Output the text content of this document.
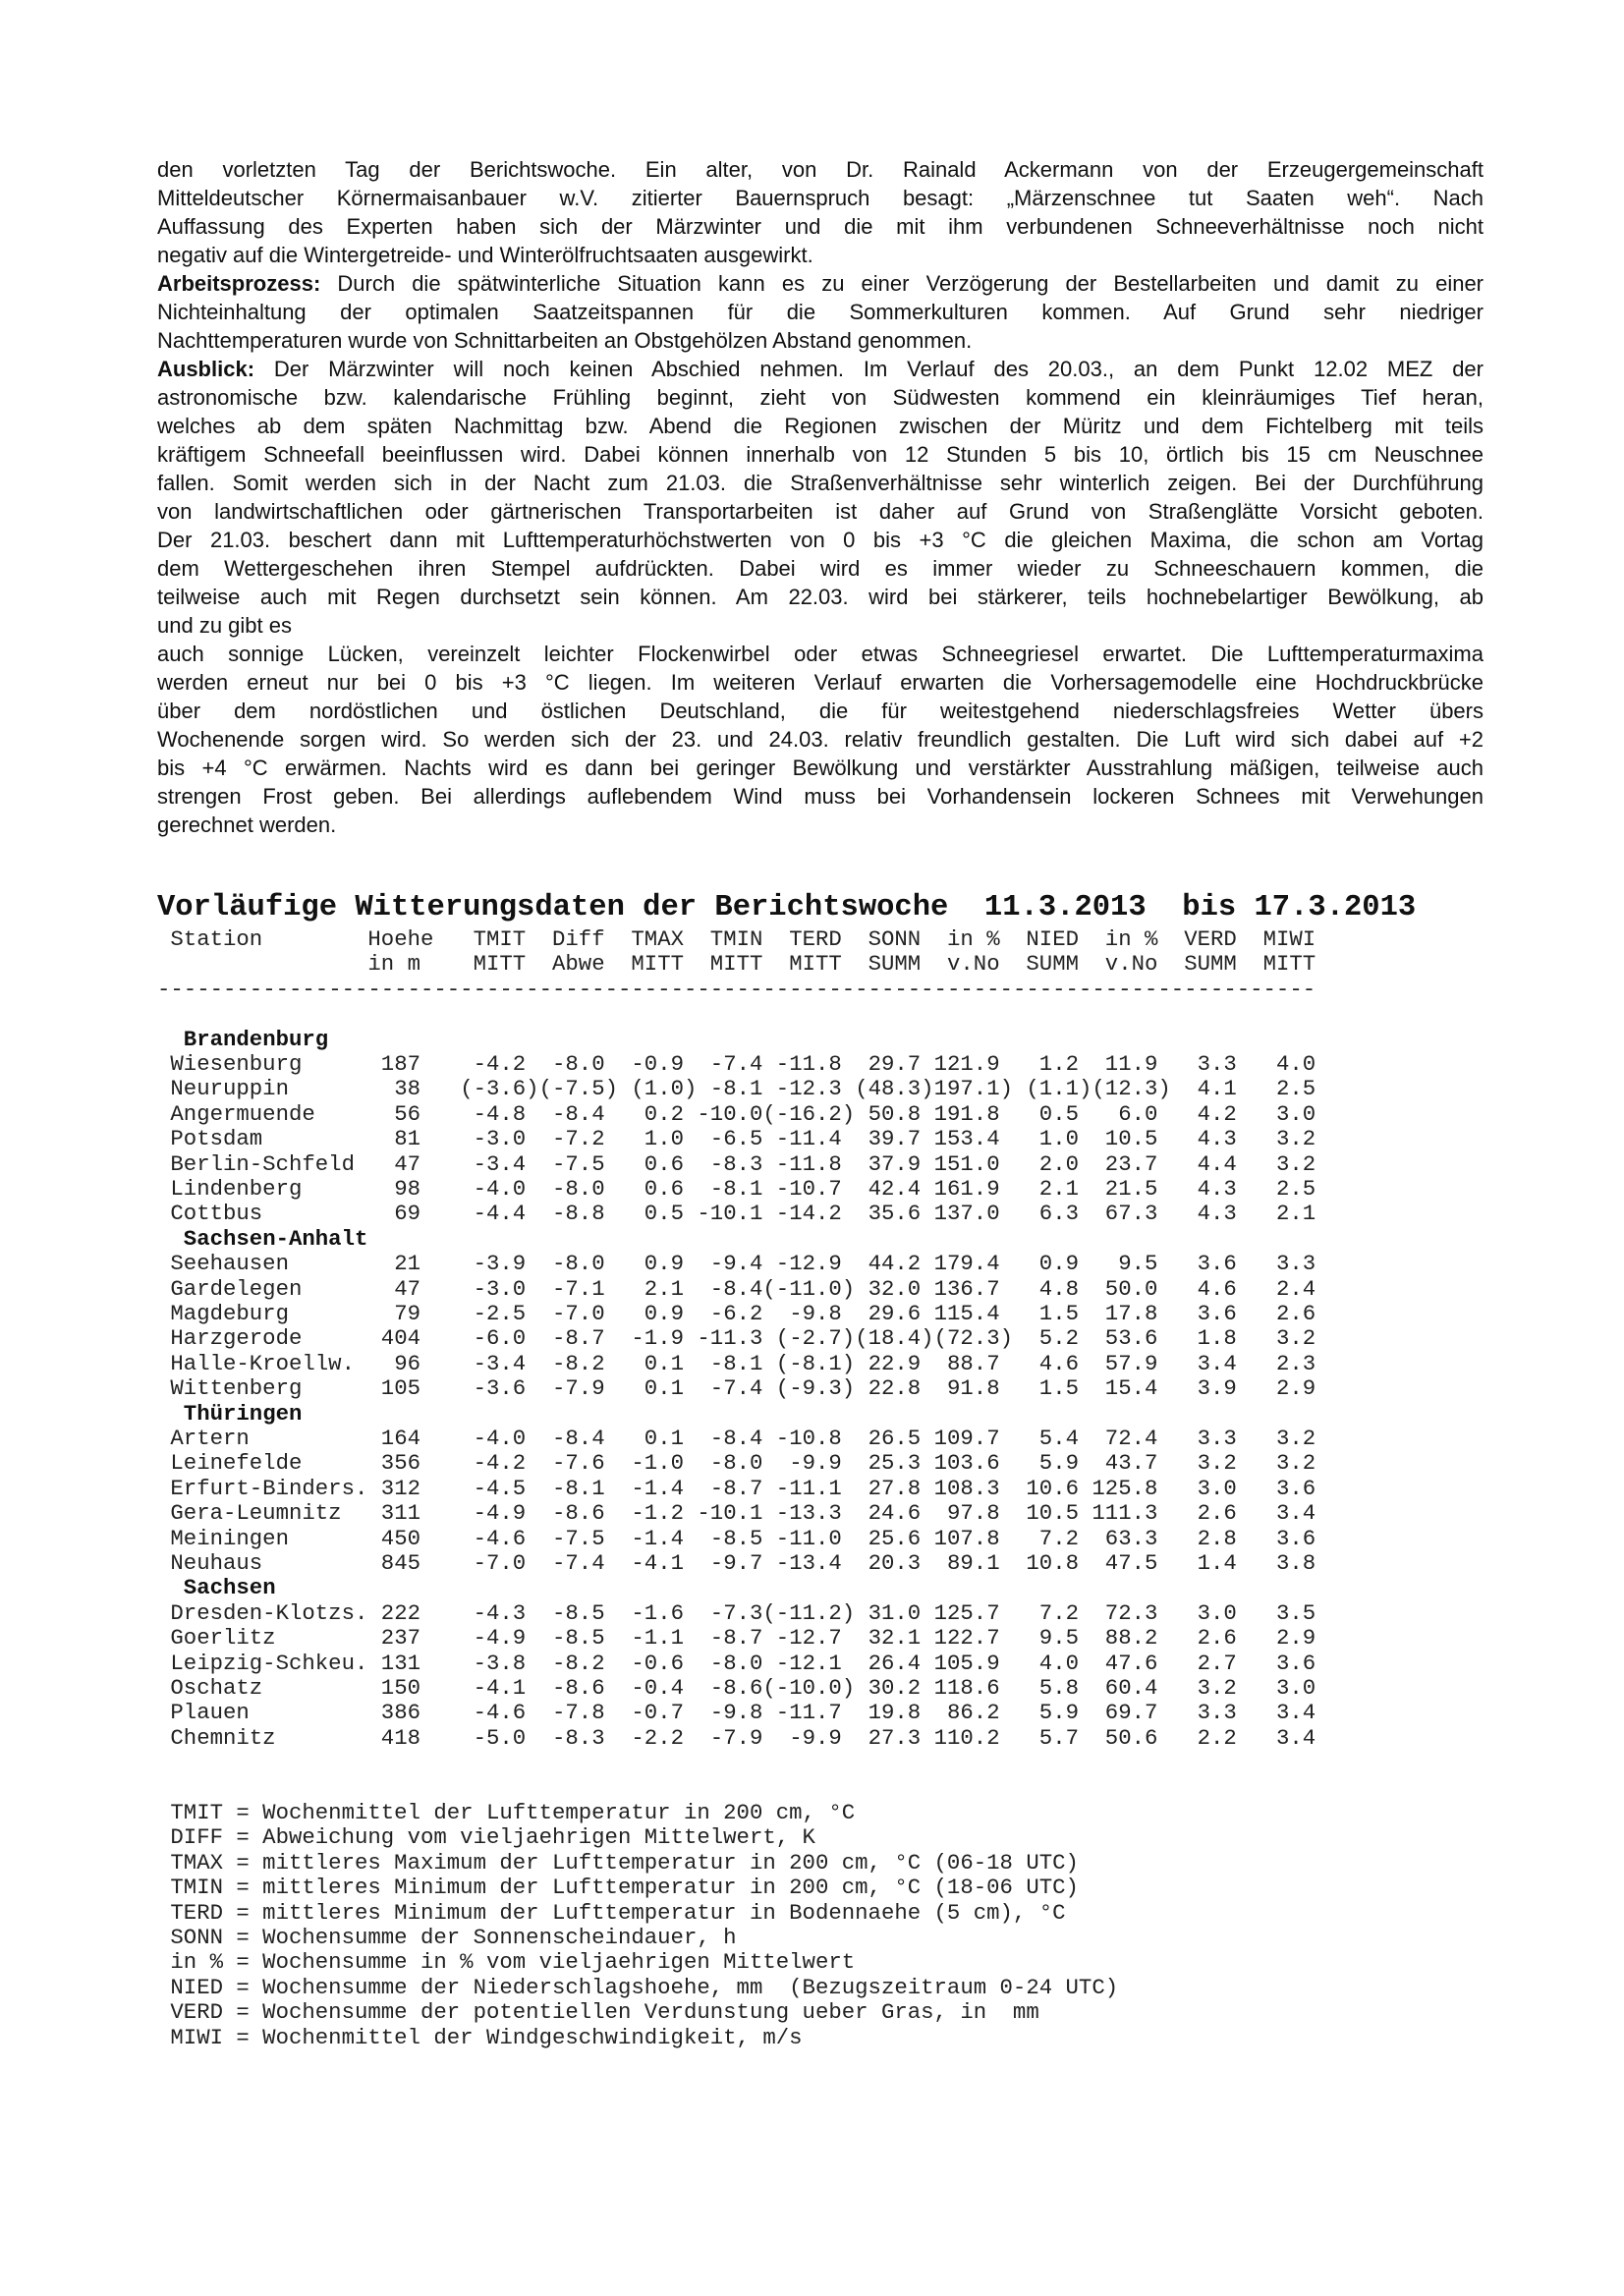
den vorletzten Tag der Berichtswoche. Ein alter, von Dr. Rainald Ackermann von der Erzeugergemeinschaft
Mitteldeutscher Körnermaisanbauer w.V. zitierter Bauernspruch besagt: „Märzenschnee tut Saaten weh“. Nach
Auffassung des Experten haben sich der Märzwinter und die mit ihm verbundenen Schneeverhältnisse noch nicht
negativ auf die Wintergetreide- und Winterölfruchtsaaten ausgewirkt.
Arbeitsprozess: Durch die spätwinterliche Situation kann es zu einer Verzögerung der Bestellarbeiten und damit zu einer
Nichteinhaltung der optimalen Saatzeitspannen für die Sommerkulturen kommen. Auf Grund sehr niedriger
Nachttemperaturen wurde von Schnittarbeiten an Obstgehölzen Abstand genommen.
Ausblick: Der Märzwinter will noch keinen Abschied nehmen. Im Verlauf des 20.03., an dem Punkt 12.02 MEZ der
astronomische bzw. kalendarische Frühling beginnt, zieht von Südwesten kommend ein kleinräumiges Tief heran,
welches ab dem späten Nachmittag bzw. Abend die Regionen zwischen der Müritz und dem Fichtelberg mit teils
kräftigem Schneefall beeinflussen wird. Dabei können innerhalb von 12 Stunden 5 bis 10, örtlich bis 15 cm Neuschnee
fallen. Somit werden sich in der Nacht zum 21.03. die Straßenverhältnisse sehr winterlich zeigen. Bei der Durchführung
von landwirtschaftlichen oder gärtnerischen Transportarbeiten ist daher auf Grund von Straßenglätte Vorsicht geboten.
Der 21.03. beschert dann mit Lufttemperaturhöchstwerten von 0 bis +3 °C die gleichen Maxima, die schon am Vortag
dem Wettergeschehen ihren Stempel aufdrückten. Dabei wird es immer wieder zu Schneeschauern kommen, die
teilweise auch mit Regen durchsetzt sein können. Am 22.03. wird bei stärkerer, teils hochnebelartiger Bewölkung, ab
und zu gibt es
auch sonnige Lücken, vereinzelt leichter Flockenwirbel oder etwas Schneegriesel erwartet. Die Lufttemperaturmaxima
werden erneut nur bei 0 bis +3 °C liegen. Im weiteren Verlauf erwarten die Vorhersagemodelle eine Hochdruckbrücke
über dem nordöstlichen und östlichen Deutschland, die für weitestgehend niederschlagsfreies Wetter übers
Wochenende sorgen wird. So werden sich der 23. und 24.03. relativ freundlich gestalten. Die Luft wird sich dabei auf +2
bis +4 °C erwärmen. Nachts wird es dann bei geringer Bewölkung und verstärkter Ausstrahlung mäßigen, teilweise auch
strengen Frost geben. Bei allerdings auflebendem Wind muss bei Vorhandensein lockeren Schnees mit Verwehungen
gerechnet werden.
Vorläufige Witterungsdaten der Berichtswoche  11.3.2013  bis 17.3.2013
Station	Hoehe TMIT Diff TMAX TMIN TERD SONN in % NIED in % VERD MIWI
in m MITT Abwe MITT MITT MITT SUMM v.No SUMM v.No SUMM MITT
----------------------------------------------------------------------------------------
Brandenburg
Wiesenburg	187 -4.2 -8.0 -0.9 -7.4 -11.8 29.7 121.9 1.2 11.9 3.3 4.0
Neuruppin	38 (-3.6) (-7.5) (1.0) -8.1 -12.3 (48.3) 197.1) (1.1) (12.3) 4.1 2.5
Angermuende	56 -4.8 -8.4 0.2 -10.0 (-16.2) 50.8 191.8 0.5 6.0 4.2 3.0
Potsdam	81 -3.0 -7.2 1.0 -6.5 -11.4 39.7 153.4 1.0 10.5 4.3 3.2
Berlin-Schfeld 47 -3.4 -7.5 0.6 -8.3 -11.8 37.9 151.0 2.0 23.7 4.4 3.2
Lindenberg	98 -4.0 -8.0 0.6 -8.1 -10.7 42.4 161.9 2.1 21.5 4.3 2.5
Cottbus	69 -4.4 -8.8 0.5 -10.1 -14.2 35.6 137.0 6.3 67.3 4.3 2.1
Sachsen-Anhalt
Seehausen	21 -3.9 -8.0 0.9 -9.4 -12.9 44.2 179.4 0.9 9.5 3.6 3.3
Gardelegen	47 -3.0 -7.1 2.1 -8.4 (-11.0) 32.0 136.7 4.8 50.0 4.6 2.4
Magdeburg	79 -2.5 -7.0 0.9 -6.2 -9.8 29.6 115.4 1.5 17.8 3.6 2.6
Harzgerode	404 -6.0 -8.7 -1.9 -11.3 (-2.7) (18.4) (72.3) 5.2 53.6 1.8 3.2
Halle-Kroellw. 96 -3.4 -8.2 0.1 -8.1 (-8.1) 22.9 88.7 4.6 57.9 3.4 2.3
Wittenberg	105 -3.6 -7.9 0.1 -7.4 (-9.3) 22.8 91.8 1.5 15.4 3.9 2.9
Thüringen
Artern	164 -4.0 -8.4 0.1 -8.4 -10.8 26.5 109.7 5.4 72.4 3.3 3.2
Leinefelde	356 -4.2 -7.6 -1.0 -8.0 -9.9 25.3 103.6 5.9 43.7 3.2 3.2
Erfurt-Binders. 312 -4.5 -8.1 -1.4 -8.7 -11.1 27.8 108.3 10.6 125.8 3.0 3.6
Gera-Leumnitz 311 -4.9 -8.6 -1.2 -10.1 -13.3 24.6 97.8 10.5 111.3 2.6 3.4
Meiningen	450 -4.6 -7.5 -1.4 -8.5 -11.0 25.6 107.8 7.2 63.3 2.8 3.6
Neuhaus	845 -7.0 -7.4 -4.1 -9.7 -13.4 20.3 89.1 10.8 47.5 1.4 3.8
Sachsen
Dresden-Klotzs. 222 -4.3 -8.5 -1.6 -7.3 (-11.2) 31.0 125.7 7.2 72.3 3.0 3.5
Goerlitz	237 -4.9 -8.5 -1.1 -8.7 -12.7 32.1 122.7 9.5 88.2 2.6 2.9
Leipzig-Schkeu. 131 -3.8 -8.2 -0.6 -8.0 -12.1 26.4 105.9 4.0 47.6 2.7 3.6
Oschatz	150 -4.1 -8.6 -0.4 -8.6 (-10.0) 30.2 118.6 5.8 60.4 3.2 3.0
Plauen	386 -4.6 -7.8 -0.7 -9.8 -11.7 19.8 86.2 5.9 69.7 3.3 3.4
Chemnitz	418 -5.0 -8.3 -2.2 -7.9 -9.9 27.3 110.2 5.7 50.6 2.2 3.4
TMIT = Wochenmittel der Lufttemperatur in 200 cm, °C
DIFF = Abweichung vom vieljaehrigen Mittelwert, K
TMAX = mittleres Maximum der Lufttemperatur in 200 cm, °C (06-18 UTC)
TMIN = mittleres Minimum der Lufttemperatur in 200 cm, °C (18-06 UTC)
TERD = mittleres Minimum der Lufttemperatur in Bodennaehe (5 cm), °C
SONN = Wochensumme der Sonnenscheindauer, h
in % = Wochensumme in % vom vieljaehrigen Mittelwert
NIED = Wochensumme der Niederschlagshoehe, mm  (Bezugszeitraum 0-24 UTC)
VERD = Wochensumme der potentiellen Verdunstung ueber Gras, in  mm
MIWI = Wochenmittel der Windgeschwindigkeit, m/s
